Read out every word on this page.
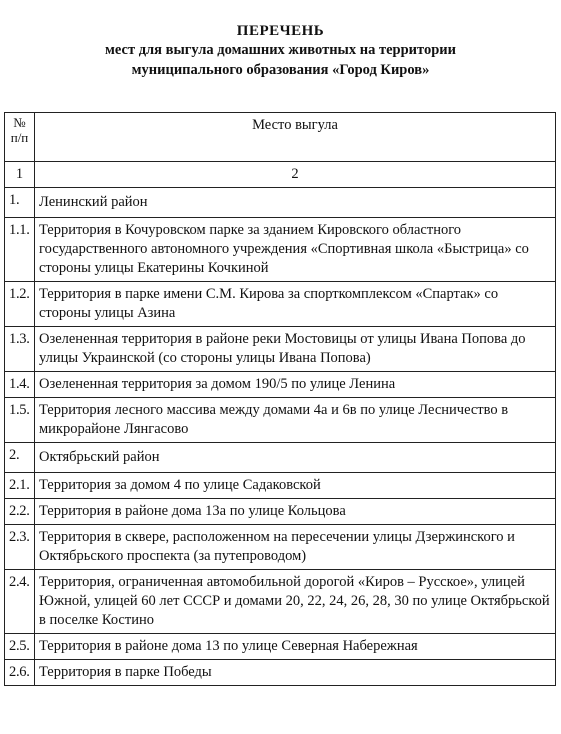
ПЕРЕЧЕНЬ
мест для выгула домашних животных на территории
муниципального образования «Город Киров»
№
п/п	Место выгула
1	2
1.	Ленинский район
1.1.	Территория в Кочуровском парке за зданием Кировского областного государственного автономного учреждения «Спортивная школа «Быстрица» со стороны улицы Екатерины Кочкиной
1.2.	Территория в парке имени С.М. Кирова за спорткомплексом «Спартак» со стороны улицы Азина
1.3.	Озелененная территория в районе реки Мостовицы от улицы Ивана Попова до улицы Украинской (со стороны улицы Ивана Попова)
1.4.	Озелененная территория за домом 190/5 по улице Ленина
1.5.	Территория лесного массива между домами 4а и 6в по улице Лесничество в микрорайоне Лянгасово
2.	Октябрьский район
2.1.	Территория за домом 4 по улице Садаковской
2.2.	Территория в районе дома 13а по улице Кольцова
2.3.	Территория в сквере, расположенном на пересечении улицы Дзержинского и Октябрьского проспекта (за путепроводом)
2.4.	Территория, ограниченная автомобильной дорогой «Киров – Русское», улицей Южной, улицей 60 лет СССР и домами 20, 22, 24, 26, 28, 30 по улице Октябрьской в поселке Костино
2.5.	Территория в районе дома 13 по улице Северная Набережная
2.6.	Территория в парке Победы
